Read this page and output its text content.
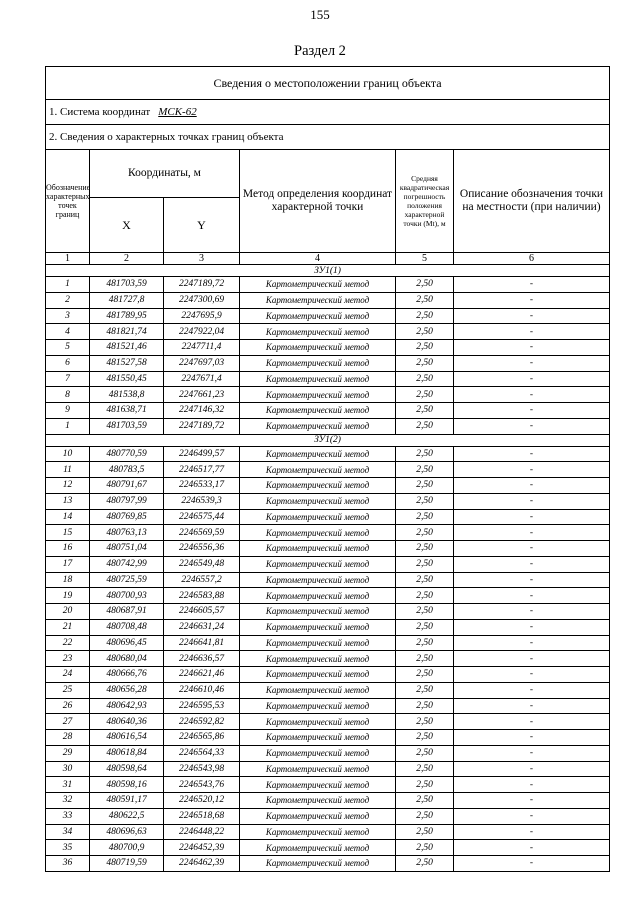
155
Раздел 2
Сведения о местоположении границ объекта					
1. Система координат МСК-62					
2. Сведения о характерных точках границ объекта					
Обозначение характерных точек границ	Координаты, м		Метод определения координат характерной точки	Средняя квадратическая погрешность положения характерной точки (Mt), м	Описание обозначения точки на местности (при наличии)
	X	Y			
1	2	3	4	5	6
ЗУ1(1)					
1	481703,59	2247189,72	Картометрический метод	2,50	-
2	481727,8	2247300,69	Картометрический метод	2,50	-
3	481789,95	2247695,9	Картометрический метод	2,50	-
4	481821,74	2247922,04	Картометрический метод	2,50	-
5	481521,46	2247711,4	Картометрический метод	2,50	-
6	481527,58	2247697,03	Картометрический метод	2,50	-
7	481550,45	2247671,4	Картометрический метод	2,50	-
8	481538,8	2247661,23	Картометрический метод	2,50	-
9	481638,71	2247146,32	Картометрический метод	2,50	-
1	481703,59	2247189,72	Картометрический метод	2,50	-
ЗУ1(2)					
10	480770,59	2246499,57	Картометрический метод	2,50	-
11	480783,5	2246517,77	Картометрический метод	2,50	-
12	480791,67	2246533,17	Картометрический метод	2,50	-
13	480797,99	2246539,3	Картометрический метод	2,50	-
14	480769,85	2246575,44	Картометрический метод	2,50	-
15	480763,13	2246569,59	Картометрический метод	2,50	-
16	480751,04	2246556,36	Картометрический метод	2,50	-
17	480742,99	2246549,48	Картометрический метод	2,50	-
18	480725,59	2246557,2	Картометрический метод	2,50	-
19	480700,93	2246583,88	Картометрический метод	2,50	-
20	480687,91	2246605,57	Картометрический метод	2,50	-
21	480708,48	2246631,24	Картометрический метод	2,50	-
22	480696,45	2246641,81	Картометрический метод	2,50	-
23	480680,04	2246636,57	Картометрический метод	2,50	-
24	480666,76	2246621,46	Картометрический метод	2,50	-
25	480656,28	2246610,46	Картометрический метод	2,50	-
26	480642,93	2246595,53	Картометрический метод	2,50	-
27	480640,36	2246592,82	Картометрический метод	2,50	-
28	480616,54	2246565,86	Картометрический метод	2,50	-
29	480618,84	2246564,33	Картометрический метод	2,50	-
30	480598,64	2246543,98	Картометрический метод	2,50	-
31	480598,16	2246543,76	Картометрический метод	2,50	-
32	480591,17	2246520,12	Картометрический метод	2,50	-
33	480622,5	2246518,68	Картометрический метод	2,50	-
34	480696,63	2246448,22	Картометрический метод	2,50	-
35	480700,9	2246452,39	Картометрический метод	2,50	-
36	480719,59	2246462,39	Картометрический метод	2,50	-
